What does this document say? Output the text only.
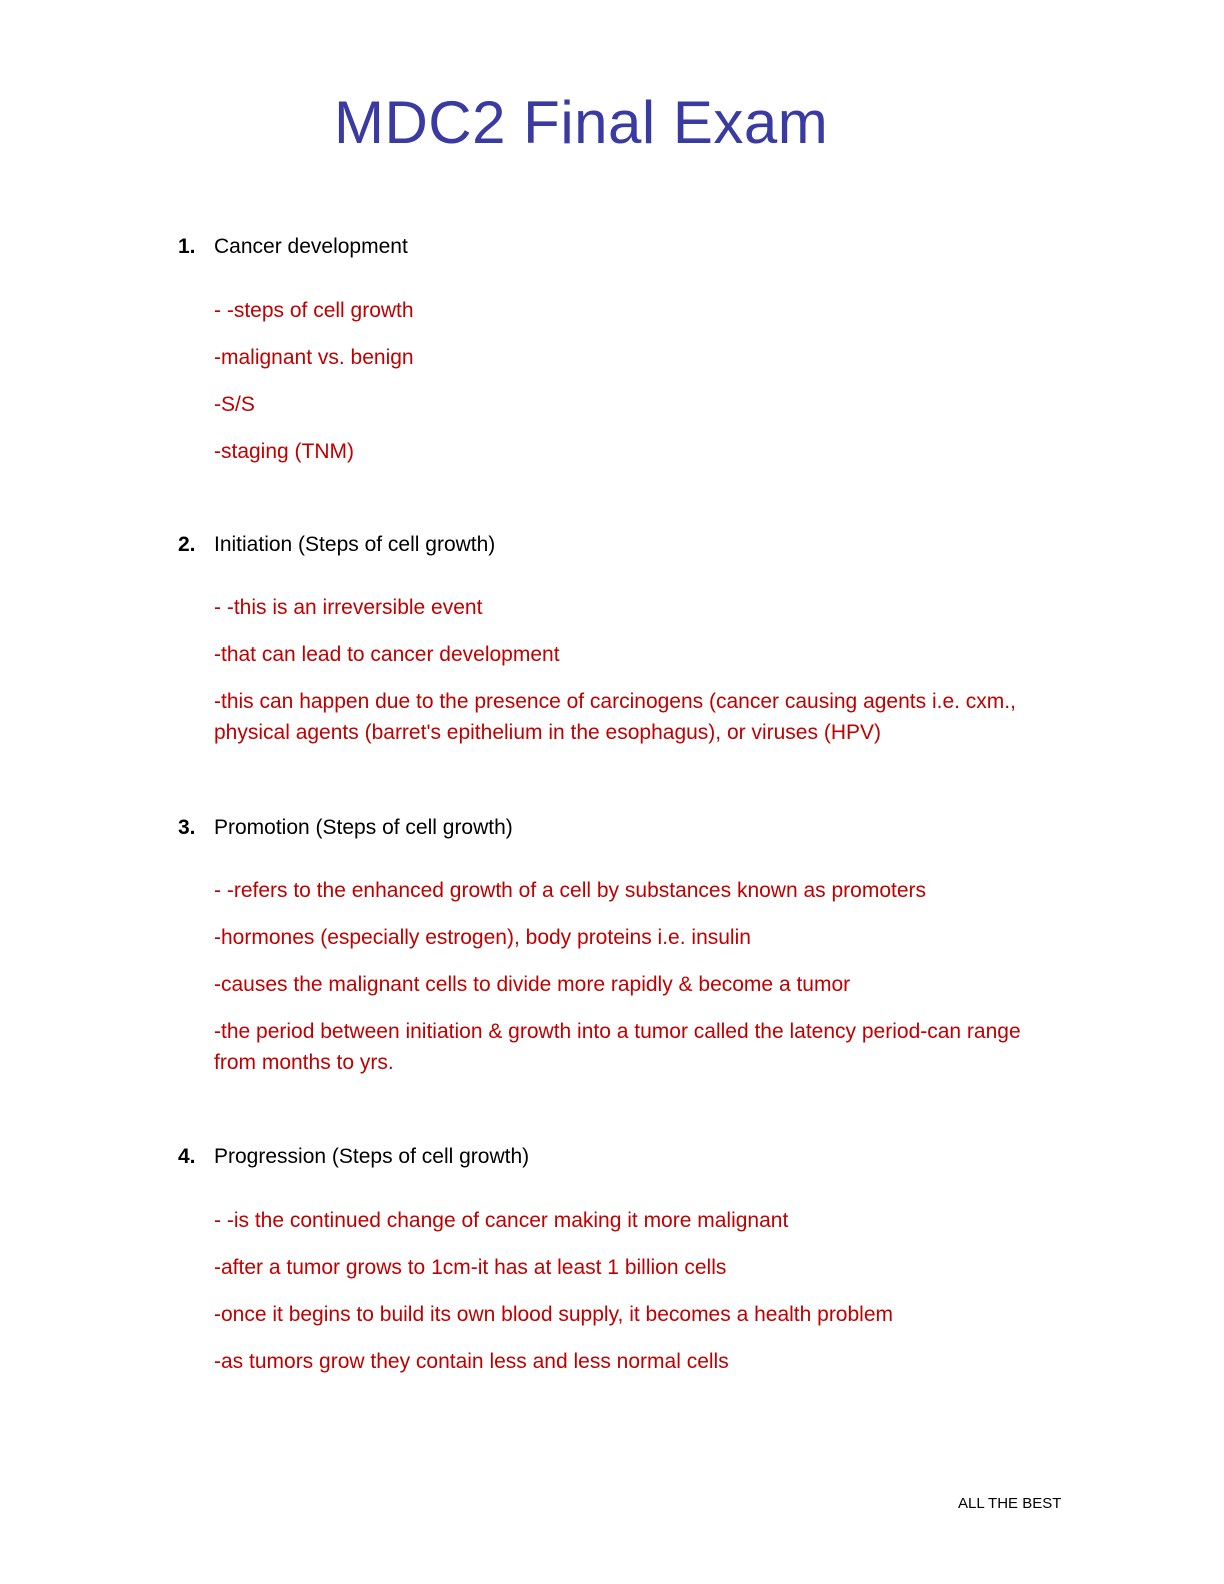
MDC2 Final Exam
1. Cancer development
- -steps of cell growth
-malignant vs. benign
-S/S
-staging (TNM)
2. Initiation (Steps of cell growth)
- -this is an irreversible event
-that can lead to cancer development
-this can happen due to the presence of carcinogens (cancer causing agents i.e. cxm., physical agents (barret's epithelium in the esophagus), or viruses (HPV)
3. Promotion (Steps of cell growth)
- -refers to the enhanced growth of a cell by substances known as promoters
-hormones (especially estrogen), body proteins i.e. insulin
-causes the malignant cells to divide more rapidly & become a tumor
-the period between initiation & growth into a tumor called the latency period-can range from months to yrs.
4. Progression (Steps of cell growth)
- -is the continued change of cancer making it more malignant
-after a tumor grows to 1cm-it has at least 1 billion cells
-once it begins to build its own blood supply, it becomes a health problem
-as tumors grow they contain less and less normal cells
ALL THE BEST
